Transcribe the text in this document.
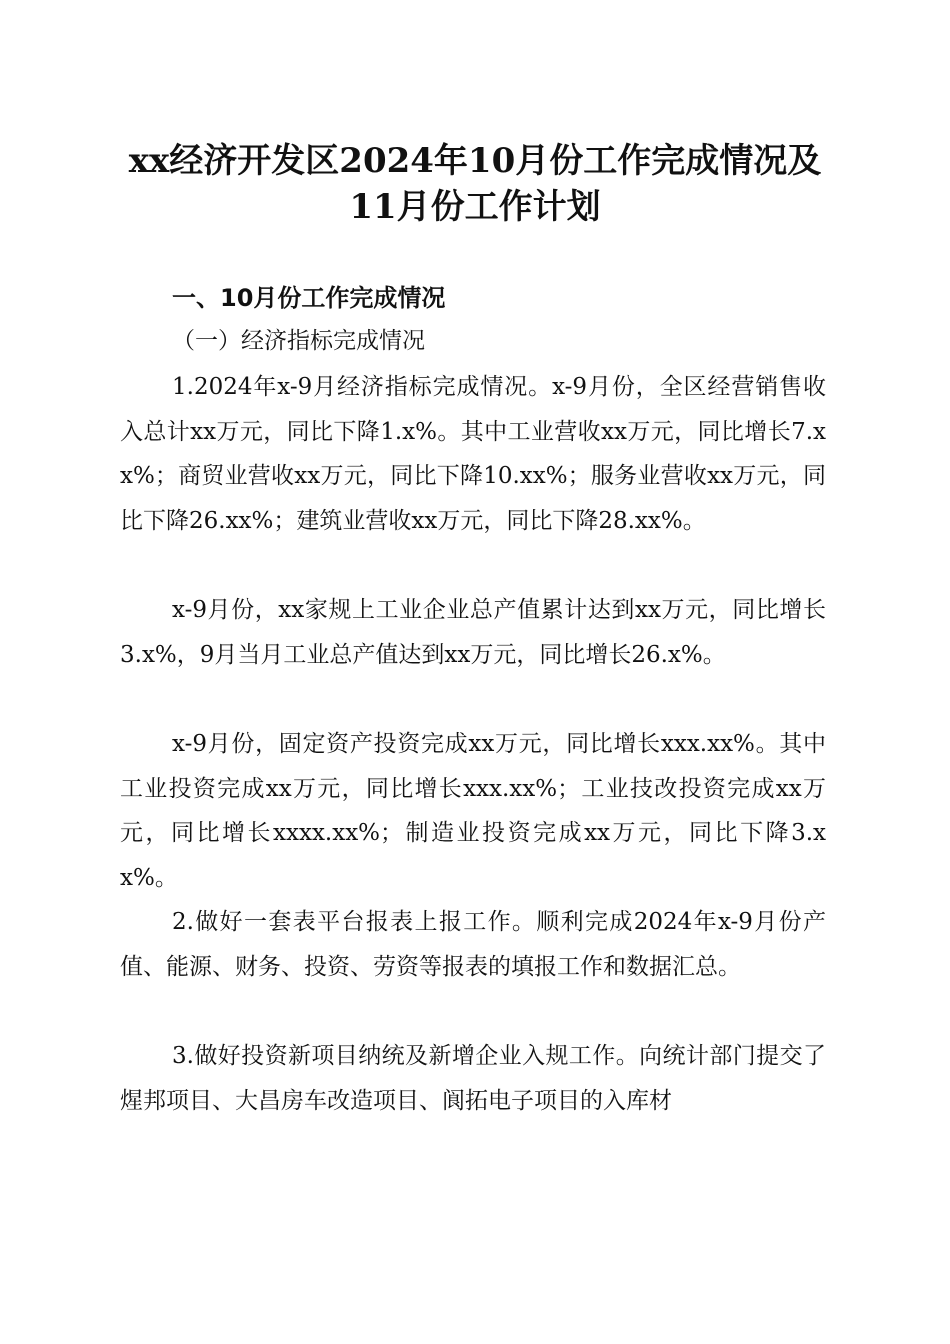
xx经济开发区2024年10月份工作完成情况及
11月份工作计划
一、10月份工作完成情况
（一）经济指标完成情况

1.2024年x-9月经济指标完成情况。x-9月份，全区经营销售收入总计xx万元，同比下降1.x%。其中工业营收xx万元，同比增长7.xx%；商贸业营收xx万元，同比下降10.xx%；服务业营收xx万元，同比下降26.xx%；建筑业营收xx万元，同比下降28.xx%。

x-9月份，xx家规上工业企业总产值累计达到xx万元，同比增长3.x%，9月当月工业总产值达到xx万元，同比增长26.x%。

x-9月份，固定资产投资完成xx万元，同比增长xxx.xx%。其中工业投资完成xx万元，同比增长xxx.xx%；工业技改投资完成xx万元，同比增长xxxx.xx%；制造业投资完成xx万元，同比下降3.xx%。

2.做好一套表平台报表上报工作。顺利完成2024年x-9月份产值、能源、财务、投资、劳资等报表的填报工作和数据汇总。

3.做好投资新项目纳统及新增企业入规工作。向统计部门提交了煋邦项目、大昌房车改造项目、阆拓电子项目的入库材
